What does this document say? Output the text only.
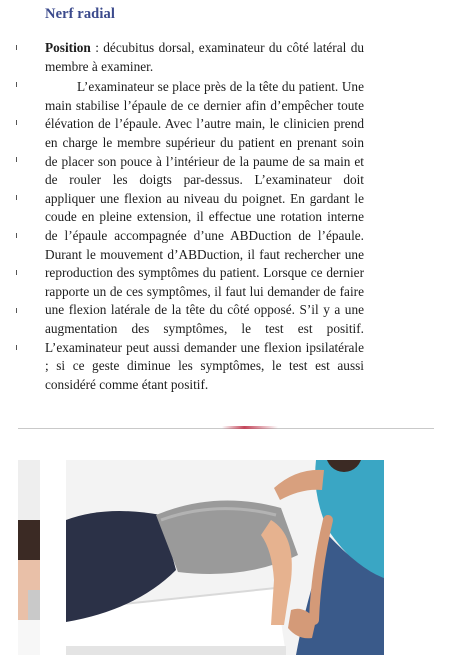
Nerf radial

Position : décubitus dorsal, examinateur du côté latéral du membre à examiner.

L’examinateur se place près de la tête du patient. Une main stabilise l’épaule de ce dernier afin d’empêcher toute élévation de l’épaule. Avec l’autre main, le clinicien prend en charge le membre supérieur du patient en prenant soin de placer son pouce à l’intérieur de la paume de sa main et de rouler les doigts par-dessus. L’examinateur doit appliquer une flexion au niveau du poignet. En gardant le coude en pleine extension, il effectue une rotation interne de l’épaule accompagnée d’une ABDuction de l’épaule. Durant le mouvement d’ABDuction, il faut rechercher une reproduction des symptômes du patient. Lorsque ce dernier rapporte un de ces symptômes, il faut lui demander de faire une flexion latérale de la tête du côté opposé. S’il y a une augmentation des symptômes, le test est positif. L’examinateur peut aussi demander une flexion ipsilatérale ; si ce geste diminue les symptômes, le test est aussi considéré comme étant positif.
